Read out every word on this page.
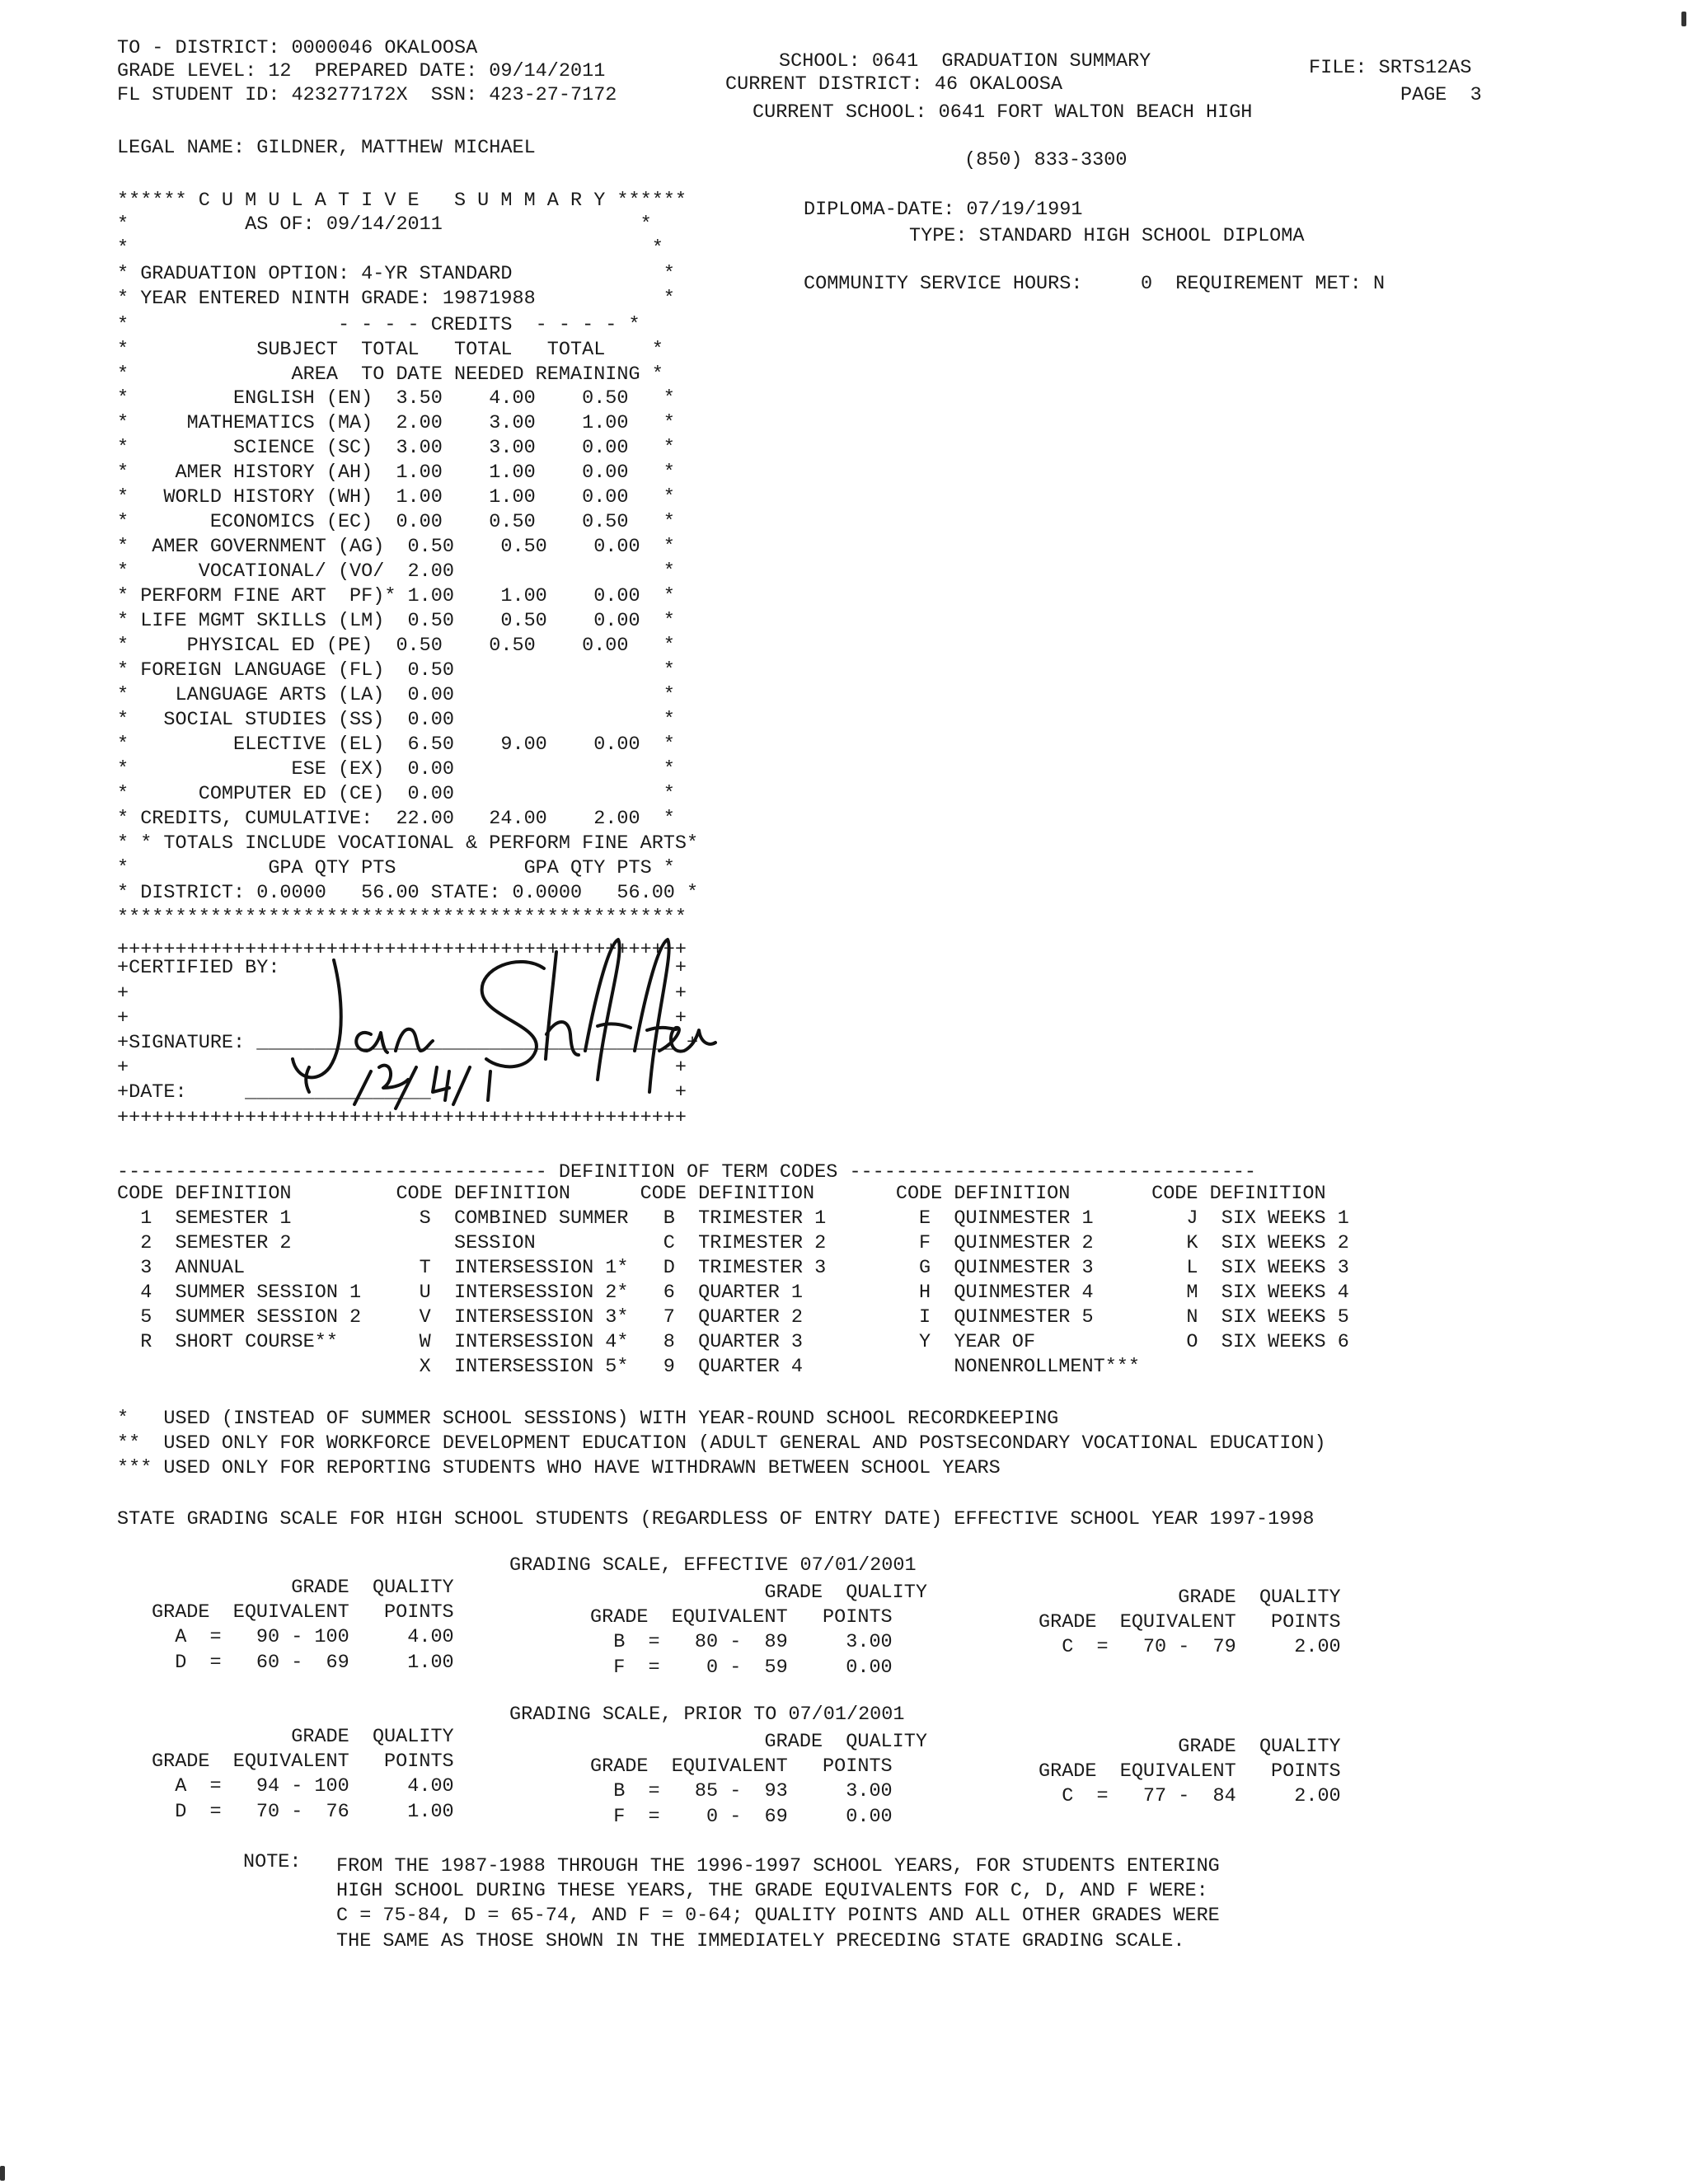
TO - DISTRICT: 0000046 OKALOOSA
GRADE LEVEL: 12  PREPARED DATE: 09/14/2011
FL STUDENT ID: 423277172X  SSN: 423-27-7172
SCHOOL: 0641  GRADUATION SUMMARY
CURRENT DISTRICT: 46 OKALOOSA
CURRENT SCHOOL: 0641 FORT WALTON BEACH HIGH
FILE: SRTS12AS
PAGE  3
LEGAL NAME: GILDNER, MATTHEW MICHAEL
(850) 833-3300
****** C U M U L A T I V E   S U M M A R Y ******
*          AS OF: 09/14/2011                 *
*                                             *
* GRADUATION OPTION: 4-YR STANDARD             *
* YEAR ENTERED NINTH GRADE: 19871988           *
*                  - - - - CREDITS  - - - - *
*           SUBJECT  TOTAL   TOTAL   TOTAL    *
*              AREA  TO DATE NEEDED REMAINING *
*         ENGLISH (EN)  3.50    4.00    0.50   *
*     MATHEMATICS (MA)  2.00    3.00    1.00   *
*         SCIENCE (SC)  3.00    3.00    0.00   *
*    AMER HISTORY (AH)  1.00    1.00    0.00   *
*   WORLD HISTORY (WH)  1.00    1.00    0.00   *
*       ECONOMICS (EC)  0.00    0.50    0.50   *
*  AMER GOVERNMENT (AG)  0.50    0.50    0.00  *
*      VOCATIONAL/ (VO/  2.00                  *
* PERFORM FINE ART  PF)* 1.00    1.00    0.00  *
* LIFE MGMT SKILLS (LM)  0.50    0.50    0.00  *
*     PHYSICAL ED (PE)  0.50    0.50    0.00   *
* FOREIGN LANGUAGE (FL)  0.50                  *
*    LANGUAGE ARTS (LA)  0.00                  *
*   SOCIAL STUDIES (SS)  0.00                  *
*         ELECTIVE (EL)  6.50    9.00    0.00  *
*              ESE (EX)  0.00                  *
*      COMPUTER ED (CE)  0.00                  *
* CREDITS, CUMULATIVE:  22.00   24.00    2.00  *
* * TOTALS INCLUDE VOCATIONAL & PERFORM FINE ARTS*
*            GPA QTY PTS           GPA QTY PTS *
* DISTRICT: 0.0000   56.00 STATE: 0.0000   56.00 *
*************************************************
+++++++++++++++++++++++++++++++++++++++++++++++++
+CERTIFIED BY:                                  +
+                                               +
+                                               +
+SIGNATURE: ____________________________________ +
+                                               +
+DATE:     ________________                     +
+++++++++++++++++++++++++++++++++++++++++++++++++
DIPLOMA-DATE: 07/19/1991
TYPE: STANDARD HIGH SCHOOL DIPLOMA
COMMUNITY SERVICE HOURS:     0  REQUIREMENT MET: N
------------------------------------- DEFINITION OF TERM CODES -----------------------------------
CODE DEFINITION         CODE DEFINITION      CODE DEFINITION       CODE DEFINITION       CODE DEFINITION
1  SEMESTER 1           S  COMBINED SUMMER   B  TRIMESTER 1        E  QUINMESTER 1        J  SIX WEEKS 1
2  SEMESTER 2              SESSION           C  TRIMESTER 2        F  QUINMESTER 2        K  SIX WEEKS 2
3  ANNUAL               T  INTERSESSION 1*   D  TRIMESTER 3        G  QUINMESTER 3        L  SIX WEEKS 3
4  SUMMER SESSION 1     U  INTERSESSION 2*   6  QUARTER 1          H  QUINMESTER 4        M  SIX WEEKS 4
5  SUMMER SESSION 2     V  INTERSESSION 3*   7  QUARTER 2          I  QUINMESTER 5        N  SIX WEEKS 5
R  SHORT COURSE**       W  INTERSESSION 4*   8  QUARTER 3          Y  YEAR OF             O  SIX WEEKS 6
X  INTERSESSION 5*   9  QUARTER 4             NONENROLLMENT***
*   USED (INSTEAD OF SUMMER SCHOOL SESSIONS) WITH YEAR-ROUND SCHOOL RECORDKEEPING
**  USED ONLY FOR WORKFORCE DEVELOPMENT EDUCATION (ADULT GENERAL AND POSTSECONDARY VOCATIONAL EDUCATION)
*** USED ONLY FOR REPORTING STUDENTS WHO HAVE WITHDRAWN BETWEEN SCHOOL YEARS
STATE GRADING SCALE FOR HIGH SCHOOL STUDENTS (REGARDLESS OF ENTRY DATE) EFFECTIVE SCHOOL YEAR 1997-1998
GRADING SCALE, EFFECTIVE 07/01/2001
GRADE  QUALITY
GRADE  EQUIVALENT   POINTS
A  =   90 - 100     4.00
D  =   60 -  69     1.00
GRADE  QUALITY
GRADE  EQUIVALENT   POINTS
B  =   80 -  89     3.00
F  =    0 -  59     0.00
GRADE  QUALITY
GRADE  EQUIVALENT   POINTS
C  =   70 -  79     2.00
GRADING SCALE, PRIOR TO 07/01/2001
GRADE  QUALITY
GRADE  EQUIVALENT   POINTS
A  =   94 - 100     4.00
D  =   70 -  76     1.00
GRADE  QUALITY
GRADE  EQUIVALENT   POINTS
B  =   85 -  93     3.00
F  =    0 -  69     0.00
GRADE  QUALITY
GRADE  EQUIVALENT   POINTS
C  =   77 -  84     2.00
NOTE: FROM THE 1987-1988 THROUGH THE 1996-1997 SCHOOL YEARS, FOR STUDENTS ENTERING
HIGH SCHOOL DURING THESE YEARS, THE GRADE EQUIVALENTS FOR C, D, AND F WERE:
C = 75-84, D = 65-74, AND F = 0-64; QUALITY POINTS AND ALL OTHER GRADES WERE
THE SAME AS THOSE SHOWN IN THE IMMEDIATELY PRECEDING STATE GRADING SCALE.
